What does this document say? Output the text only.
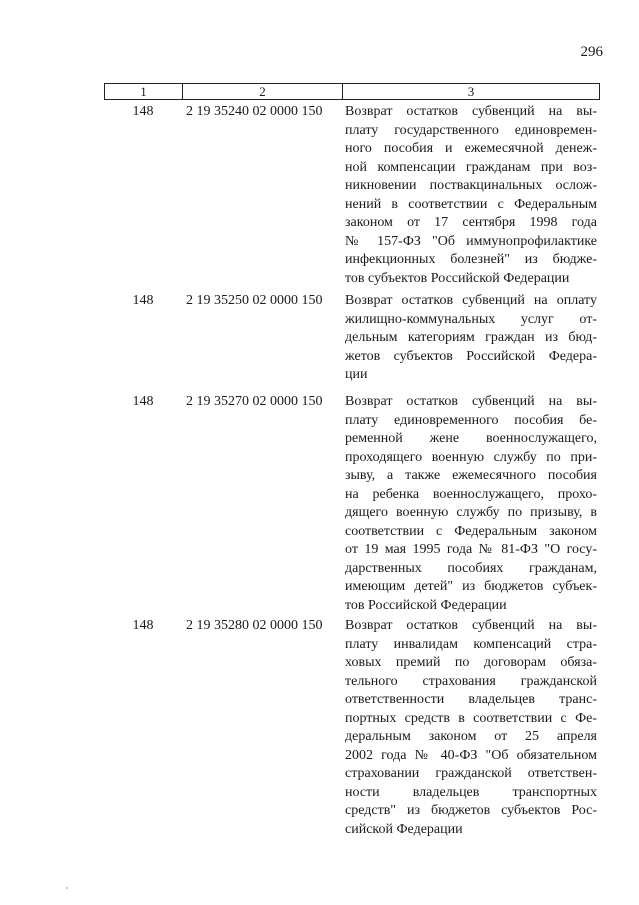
296
1	2	3
148	2 19 35240 02 0000 150	Возврат остатков субвенций на вы-
плату государственного единовремен-
ного пособия и ежемесячной денеж-
ной компенсации гражданам при воз-
никновении поствакцинальных ослож-
нений в соответствии с Федеральным
законом от 17 сентября 1998 года
№ 157-ФЗ "Об иммунопрофилактике
инфекционных болезней" из бюдже-
тов субъектов Российской Федерации
148	2 19 35250 02 0000 150	Возврат остатков субвенций на оплату
жилищно-коммунальных услуг от-
дельным категориям граждан из бюд-
жетов субъектов Российской Федера-
ции
148	2 19 35270 02 0000 150	Возврат остатков субвенций на вы-
плату единовременного пособия бе-
ременной жене военнослужащего,
проходящего военную службу по при-
зыву, а также ежемесячного пособия
на ребенка военнослужащего, прохо-
дящего военную службу по призыву, в
соответствии с Федеральным законом
от 19 мая 1995 года № 81-ФЗ "О госу-
дарственных пособиях гражданам,
имеющим детей" из бюджетов субъек-
тов Российской Федерации
148	2 19 35280 02 0000 150	Возврат остатков субвенций на вы-
плату инвалидам компенсаций стра-
ховых премий по договорам обяза-
тельного страхования гражданской
ответственности владельцев транс-
портных средств в соответствии с Фе-
деральным законом от 25 апреля
2002 года № 40-ФЗ "Об обязательном
страховании гражданской ответствен-
ности владельцев транспортных
средств" из бюджетов субъектов Рос-
сийской Федерации
